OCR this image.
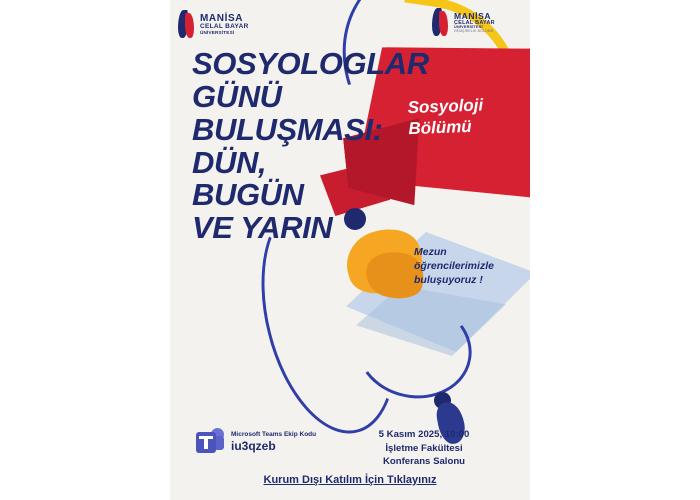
MANİSA
CELAL BAYAR
ÜNİVERSİTESİ
MANİSA
CELAL BAYAR
ÜNİVERSİTESİ
HEMŞİRELİK BÖLÜMÜ
SOSYOLOGLAR
GÜNÜ
BULUŞMASI:
DÜN,
BUGÜN
VE YARIN
Sosyoloji
Bölümü
Mezun öğrencilerimizle buluşuyoruz !
Microsoft Teams Ekip Kodu
iu3qzeb
5 Kasım 2025, 10:00
İşletme Fakültesi
Konferans Salonu
Kurum Dışı Katılım İçin Tıklayınız
